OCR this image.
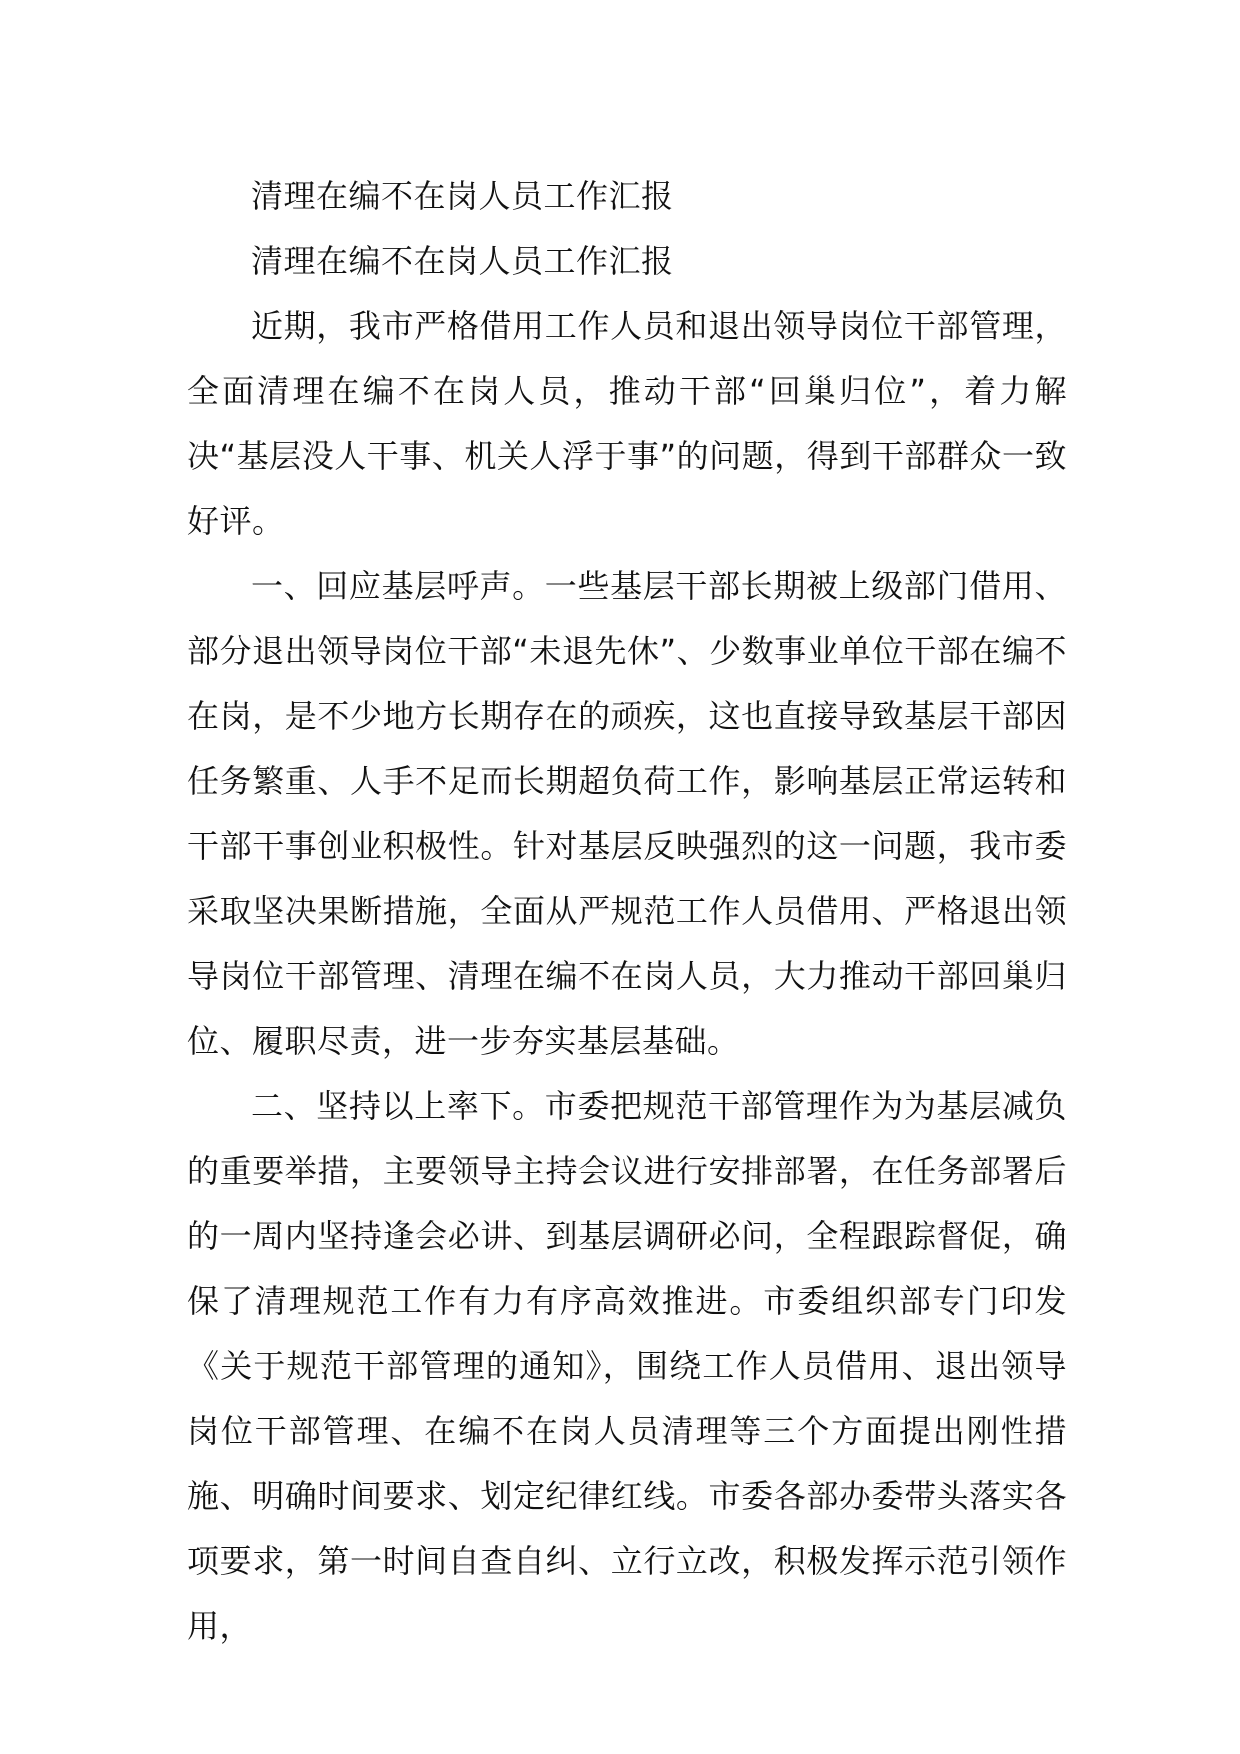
清理在编不在岗人员工作汇报

清理在编不在岗人员工作汇报

近期，我市严格借用工作人员和退出领导岗位干部管理，全面清理在编不在岗人员，推动干部“回巢归位”，着力解决“基层没人干事、机关人浮于事”的问题，得到干部群众一致好评。

一、回应基层呼声。一些基层干部长期被上级部门借用、部分退出领导岗位干部“未退先休”、少数事业单位干部在编不在岗，是不少地方长期存在的顽疾，这也直接导致基层干部因任务繁重、人手不足而长期超负荷工作，影响基层正常运转和干部干事创业积极性。针对基层反映强烈的这一问题，我市委采取坚决果断措施，全面从严规范工作人员借用、严格退出领导岗位干部管理、清理在编不在岗人员，大力推动干部回巢归位、履职尽责，进一步夯实基层基础。

二、坚持以上率下。市委把规范干部管理作为为基层减负的重要举措，主要领导主持会议进行安排部署，在任务部署后的一周内坚持逢会必讲、到基层调研必问，全程跟踪督促，确保了清理规范工作有力有序高效推进。市委组织部专门印发《关于规范干部管理的通知》，围绕工作人员借用、退出领导岗位干部管理、在编不在岗人员清理等三个方面提出刚性措施、明确时间要求、划定纪律红线。市委各部办委带头落实各项要求，第一时间自查自纠、立行立改，积极发挥示范引领作用，
